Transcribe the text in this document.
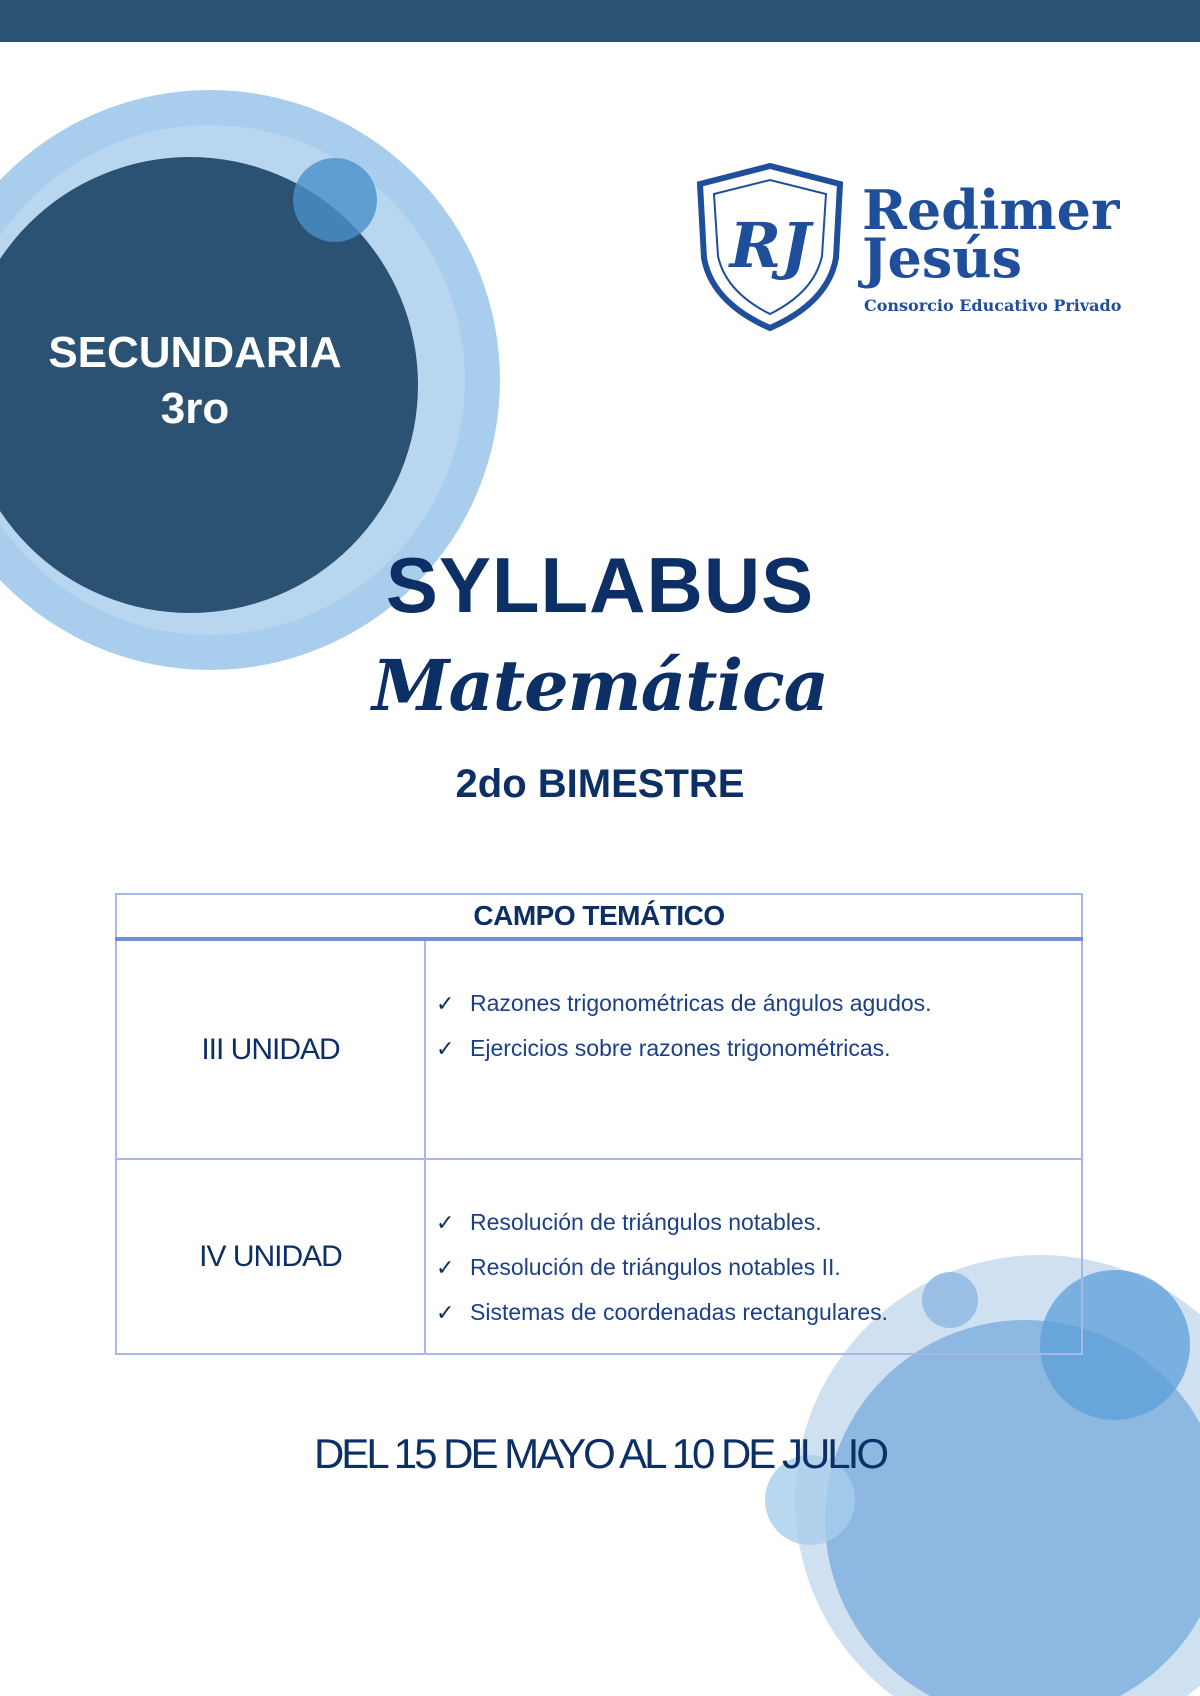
SECUNDARIA

3ro
RJ Redimer
Jesús
Consorcio Educativo Privado
SYLLABUS
Matemática
2do BIMESTRE
CAMPO TEMÁTICO	
III UNIDAD	✓ Razones trigonométricas de ángulos agudos.
✓ Ejercicios sobre razones trigonométricas.

IV UNIDAD	✓ Resolución de triángulos notables.
✓ Resolución de triángulos notables II.
✓ Sistemas de coordenadas rectangulares.
DEL 15 DE MAYO AL 10 DE JULIO
